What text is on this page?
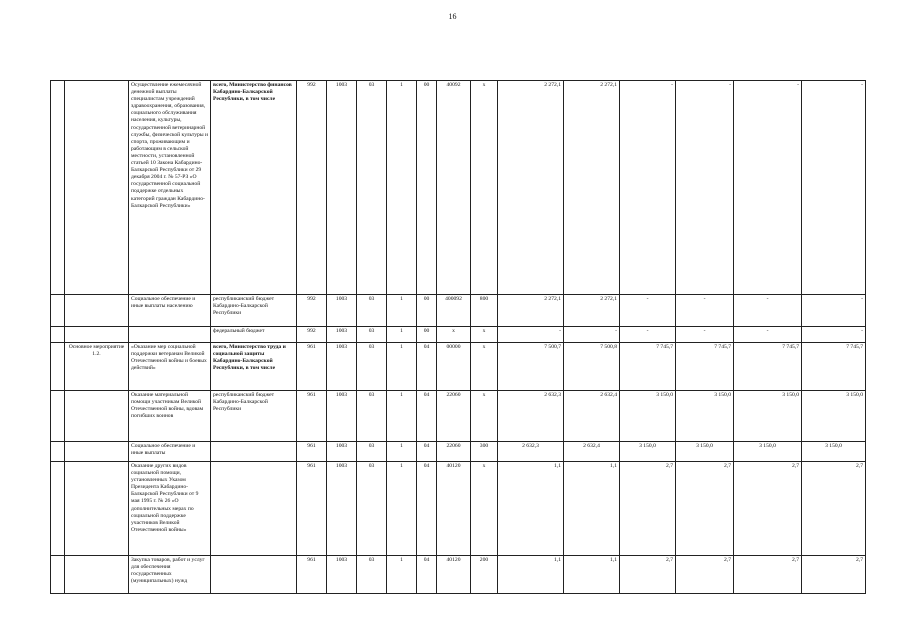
16
		Осуществление ежемесячной денежной выплаты специалистам учреждений здравоохранения, образования, социального обслуживания населения, культуры, государственной ветеринарной службы, физической культуры и спорта, проживающим и работающим в сельской местности, установленной статьей 10 Закона Кабардино-Балкарской Республики от 29 декабря 2004 г. № 57-РЗ «О государственной социальной поддержке отдельных категорий граждан Кабардино-Балкарской Республики»	всего, Министерство финансов Кабардино-Балкарской Республики, в том числе	992	1003	03	1	00	40092	х	2 272,1	2 272,1	-	-	-	-
		Социальное обеспечение и иные выплаты населению	республиканский бюджет Кабардино-Балкарской Республики	992	1003	03	1	00	400092	800	2 272,1	2 272,1	-	-	-	-
			федеральный бюджет	992	1003	03	1	00	х	х	-	-	-	-	-	-
	Основное мероприятие 1.2.	«Оказание мер социальной поддержки ветеранам Великой Отечественной войны и боевых действий»	всего, Министерство труда и социальной защиты Кабардино-Балкарской Республики, в том числе	961	1003	03	1	04	00000	х	7 500,7	7 500,8	7 745,7	7 745,7	7 745,7	7 745,7
		Оказание материальной помощи участникам Великой Отечественной войны, вдовам погибших воинов	республиканский бюджет Кабардино-Балкарской Республики	961	1003	03	1	04	22060	х	2 632,3	2 632,4	3 150,0	3 150,0	3 150,0	3 150,0
		Социальное обеспечение и иные выплаты		961	1003	03	1	04	22060	300	2 632,3	2 632,4	3 150,0	3 150,0	3 150,0	3 150,0
		Оказание других видов социальной помощи, установленных Указом Президента Кабардино-Балкарской Республики от 9 мая 1995 г. № 26 «О дополнительных мерах по социальной поддержке участников Великой Отечественной войны»		961	1003	03	1	04	40120	х	1,1	1,1	2,7	2,7	2,7	2,7
		Закупка товаров, работ и услуг для обеспечения государственных (муниципальных) нужд		961	1003	03	1	04	40120	200	1,1	1,1	2,7	2,7	2,7	2,7
